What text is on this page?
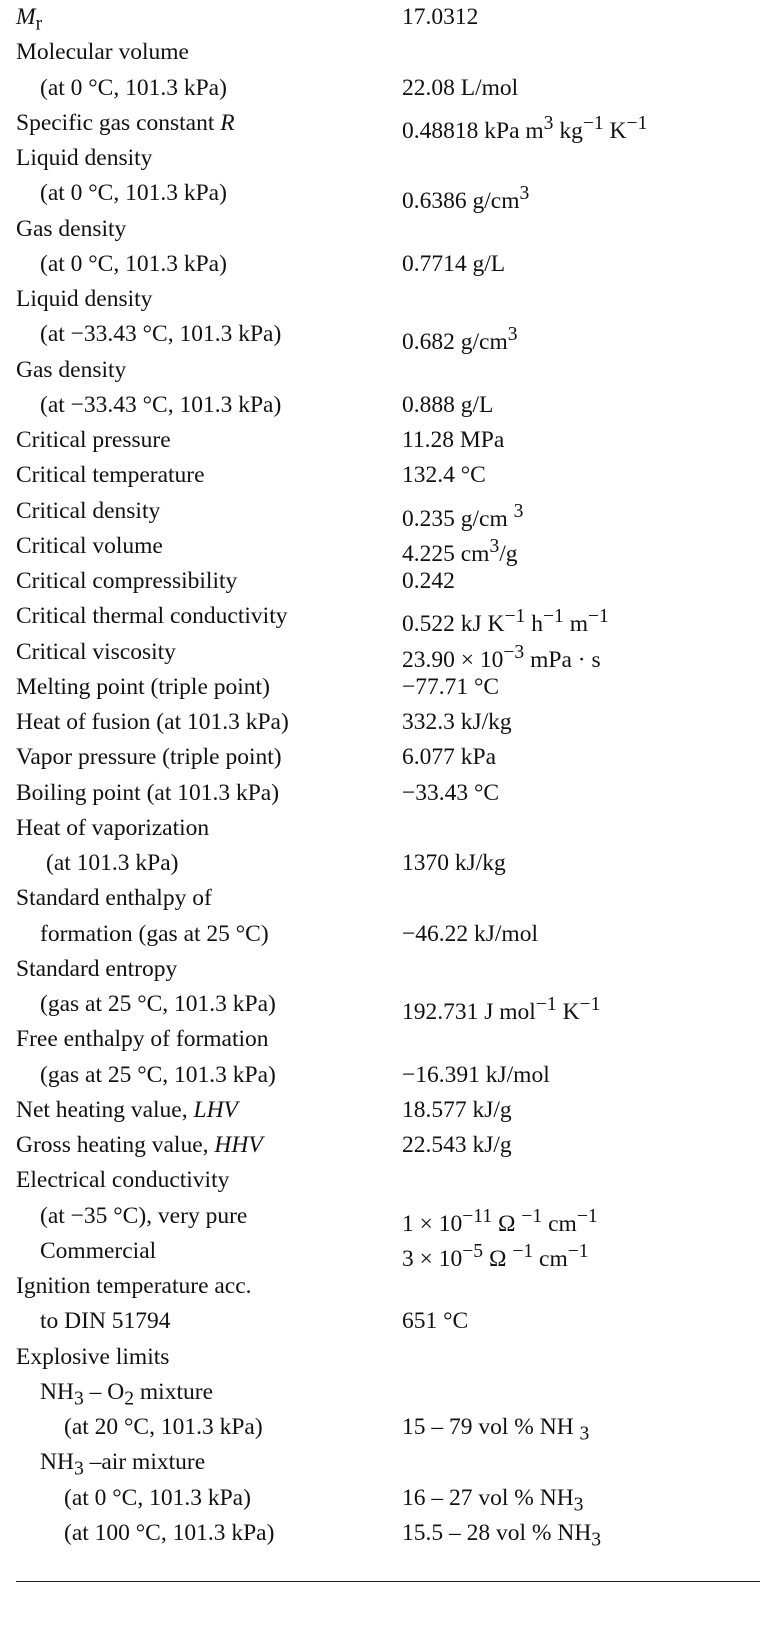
$M_r$	17.0312
Molecular volume
(at 0 °C, 101.3 kPa)	22.08 L/mol
Specific gas constant R	0.48818 kPa $m^3$ $kg^{-1}$ $K^{-1}$
Liquid density
(at 0 °C, 101.3 kPa)	0.6386 $g/cm^3$
Gas density
(at 0 °C, 101.3 kPa)	0.7714 g/L
Liquid density
(at −33.43 °C, 101.3 kPa)	0.682 $g/cm^3$
Gas density
(at −33.43 °C, 101.3 kPa)	0.888 g/L
Critical pressure	11.28 MPa
Critical temperature	132.4 °C
Critical density	0.235 g/cm $^3$
Critical volume	4.225 $cm^3/g$
Critical compressibility	0.242
Critical thermal conductivity	0.522 kJ $K^{-1}$ $h^{-1}$ $m^{-1}$
Critical viscosity	$23.90 \times 10^{-3}$ mPa · s
Melting point (triple point)	−77.71 °C
Heat of fusion (at 101.3 kPa)	332.3 kJ/kg
Vapor pressure (triple point)	6.077 kPa
Boiling point (at 101.3 kPa)	−33.43 °C
Heat of vaporization
(at 101.3 kPa)	1370 kJ/kg
Standard enthalpy of
formation (gas at 25 °C)	−46.22 kJ/mol
Standard entropy
(gas at 25 °C, 101.3 kPa)	192.731 J mol$^{-1}$ $K^{-1}$
Free enthalpy of formation
(gas at 25 °C, 101.3 kPa)	−16.391 kJ/mol
Net heating value, LHV	18.577 kJ/g
Gross heating value, HHV	22.543 kJ/g
Electrical conductivity
(at −35 °C), very pure	$1 \times 10^{-11}$ Ω $^{-1}$ $cm^{-1}$
Commercial	$3 \times 10^{-5}$ Ω $^{-1}$ $cm^{-1}$
Ignition temperature acc.
to DIN 51794	651 °C
Explosive limits
$NH_3 - O_2$ mixture
(at 20 °C, 101.3 kPa)	15 – 79 vol % NH $_3$
$NH_3$ –air mixture
(at 0 °C, 101.3 kPa)	16 – 27 vol % $NH_3$
(at 100 °C, 101.3 kPa)	15.5 – 28 vol % $NH_3$
